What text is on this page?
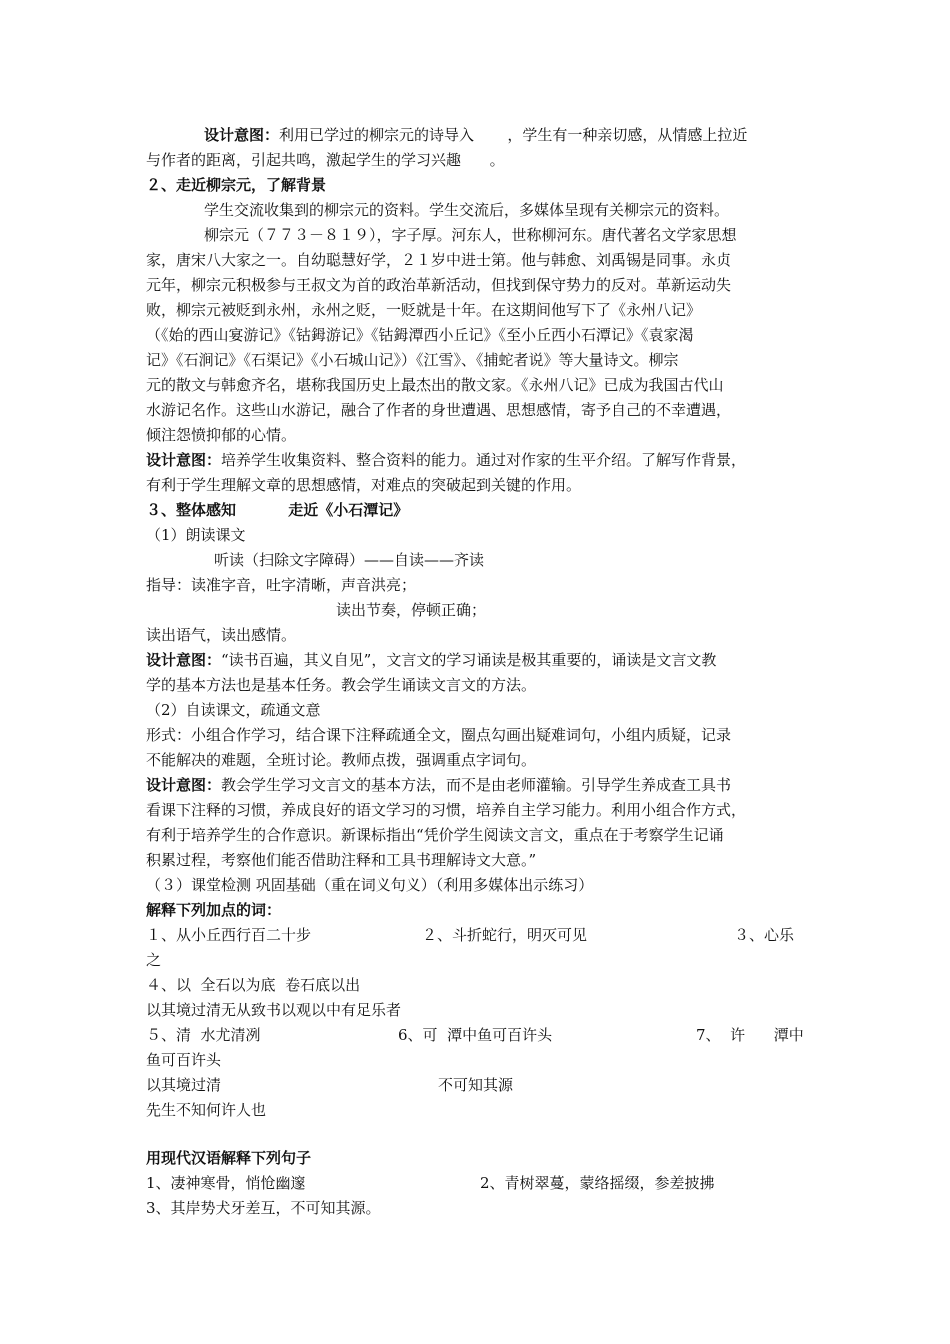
设计意图：利用已学过的柳宗元的诗导入       ，学生有一种亲切感，从情感上拉近
与作者的距离，引起共鸣，激起学生的学习兴趣      。
２、走近柳宗元，了解背景
学生交流收集到的柳宗元的资料。学生交流后，多媒体呈现有关柳宗元的资料。
柳宗元（７７３－８１９），字子厚。河东人，世称柳河东。唐代著名文学家思想
家，唐宋八大家之一。自幼聪慧好学，２１岁中进士第。他与韩愈、刘禹锡是同事。永贞
元年，柳宗元积极参与王叔文为首的政治革新活动，但找到保守势力的反对。革新运动失
败，柳宗元被贬到永州，永州之贬，一贬就是十年。在这期间他写下了《永州八记》
（《始的西山宴游记》《钴鉧游记》《钴鉧潭西小丘记》《至小丘西小石潭记》《袁家渴
记》《石涧记》《石渠记》《小石城山记》）《江雪》、《捕蛇者说》等大量诗文。柳宗
元的散文与韩愈齐名，堪称我国历史上最杰出的散文家。《永州八记》已成为我国古代山
水游记名作。这些山水游记，融合了作者的身世遭遇、思想感情，寄予自己的不幸遭遇，
倾注怨愤抑郁的心情。
设计意图：培养学生收集资料、整合资料的能力。通过对作家的生平介绍。了解写作背景，
有利于学生理解文章的思想感情，对难点的突破起到关键的作用。
３、整体感知          走近《小石潭记》
（1）朗读课文
听读（扫除文字障碍）——自读——齐读
指导：读准字音，吐字清晰，声音洪亮；
读出节奏，停顿正确；
读出语气，读出感情。
设计意图：“读书百遍，其义自见”，文言文的学习诵读是极其重要的，诵读是文言文教
学的基本方法也是基本任务。教会学生诵读文言文的方法。
（2）自读课文，疏通文意
形式：小组合作学习，结合课下注释疏通全文，圈点勾画出疑难词句，小组内质疑，记录
不能解决的难题，全班讨论。教师点拨，强调重点字词句。
设计意图：教会学生学习文言文的基本方法，而不是由老师灌输。引导学生养成查工具书
看课下注释的习惯，养成良好的语文学习的习惯，培养自主学习能力。利用小组合作方式，
有利于培养学生的合作意识。新课标指出“凭价学生阅读文言文，重点在于考察学生记诵
积累过程，考察他们能否借助注释和工具书理解诗文大意。”
（３）课堂检测 巩固基础（重在词义句义）（利用多媒体出示练习）
解释下列加点的词：
１、从小丘西行百二十步	２、斗折蛇行，明灭可见	３、心乐
之
４、以  全石以为底  卷石底以出
以其境过清无从致书以观以中有足乐者
５、清  水尤清冽	6、可  潭中鱼可百许头	7、  许      潭中
鱼可百许头
以其境过清	不可知其源
先生不知何许人也
用现代汉语解释下列句子
1、凄神寒骨，悄怆幽邃	2、青树翠蔓，蒙络摇缀，参差披拂
3、其岸势犬牙差互，不可知其源。
